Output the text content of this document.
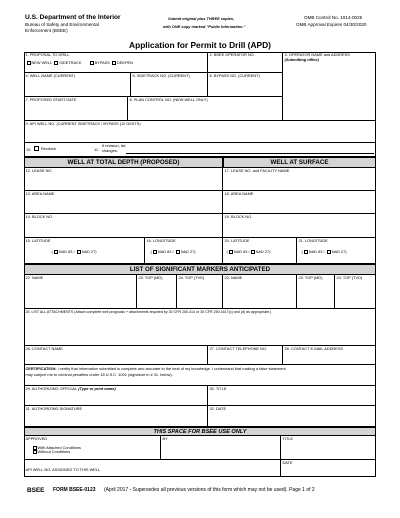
U.S. Department of the Interior
Bureau of Safety and Environmental
Enforcement (BSEE)
Submit original plus THREE copies,
with ONE copy marked "Public Information."
OMB Control No. 1014-0025
OMB Approval Expires 04/30/2020
Application for Permit to Drill (APD)
1. PROPOSAL TO DRILL
NEW WELL SIDETRACK	BYPASS DEEPEN
2. BSEE OPERATOR NO.	3. OPERATOR NAME and ADDRESS
(Submitting office)
4. WELL NAME (CURRENT)	5. SIDETRACK NO. (CURRENT)	6. BYPASS NO. (CURRENT)
7. PROPOSED START DATE	8. PLAN CONTROL NO. (NEW WELL ONLY)
9. API WELL NO. (CURRENT SIDETRACK / BYPASS (12 DIGITS)
10. Revision	11.
If revision, list
changes:
WELL AT TOTAL DEPTH (PROPOSED)	WELL AT SURFACE
12. LEASE NO.	17. LEASE NO. and FACILITY NAME
13. AREA NAME	18. AREA NAME
14. BLOCK NO.	19. BLOCK NO.
15. LATITUDE
( NAD 83 / NAD 27)
16. LONGITUDE
( NAD 83 / NAD 27)
20. LATITUDE
( NAD 83 / NAD 27)
21. LONGITUDE
( NAD 83 / NAD 27)
LIST OF SIGNIFICANT MARKERS ANTICIPATED
22. NAME	23. TOP (MD)	24. TOP (TVD)	22. NAME	23. TOP (MD)	24. TOP (TVD)
25. LIST ALL ATTACHMENTS (Attach complete well prognosis + attachments required by 30 CFR 250.414 or 30 CFR 250.1617(c) and (d) as appropriate.)
26. CONTACT NAME	27. CONTACT TELEPHONE NO.	28. CONTACT E-MAIL ADDRESS
CERTIFICATION: I certify that information submitted is complete and accurate to the best of my knowledge. I understand that making a false statement
may subject me to criminal penalties under 18 U.S.C. 1001 (signature in # 31. below).
29. AUTHORIZING OFFICIAL (Type or print name)	30. TITLE
31. AUTHORIZING SIGNATURE	32. DATE
THIS SPACE FOR BSEE USE ONLY
APPROVED
With Attached Conditions
Without Conditions
BY	TITLE
API WELL NO. ASSIGNED TO THIS WELL
DATE
BSEE FORM BSEE-0123 (April 2017 - Supersedes all previous versions of this form which may not be used). Page 1 of 2
